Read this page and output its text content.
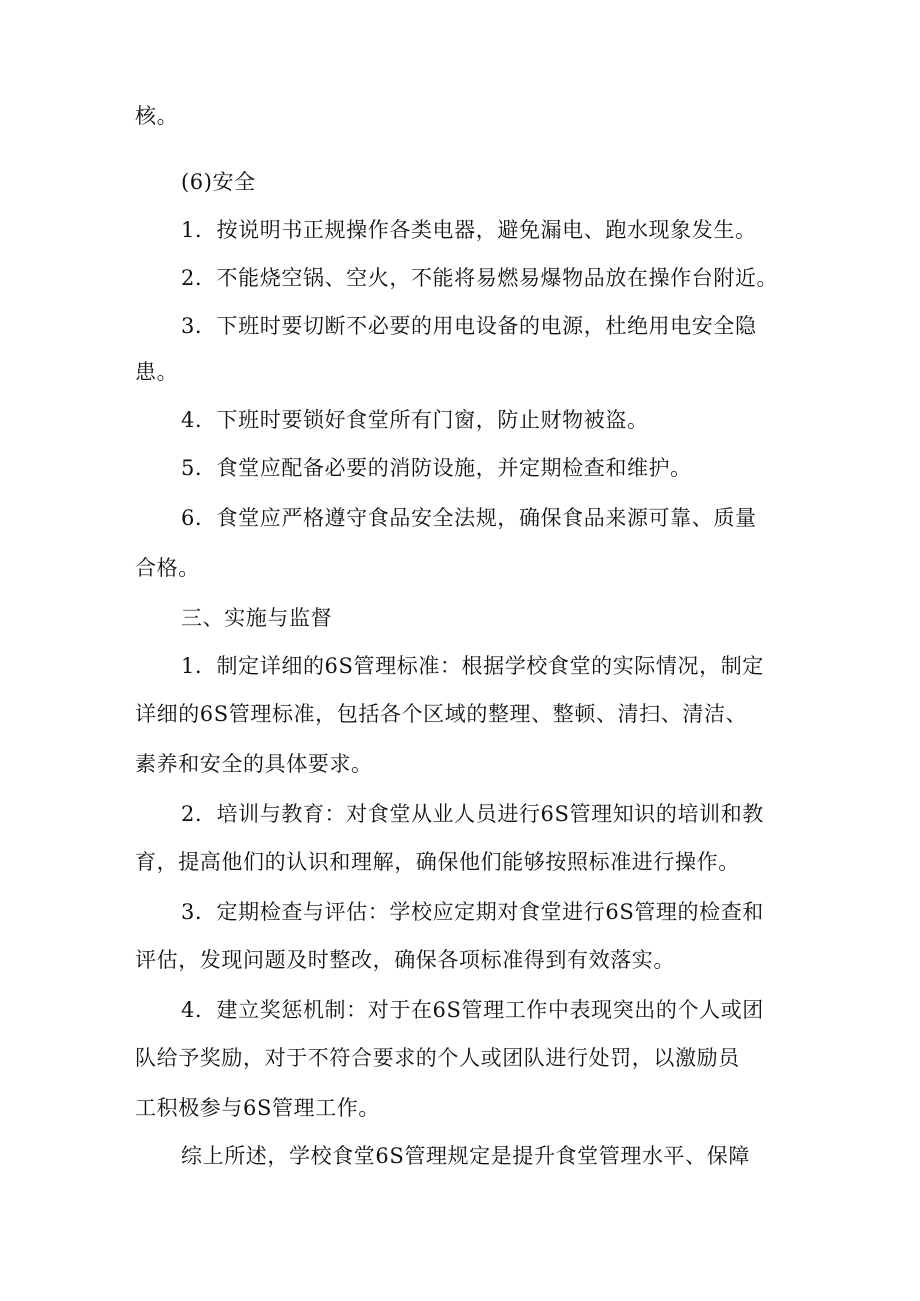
核。
(6)安全
1．按说明书正规操作各类电器，避免漏电、跑水现象发生。
2．不能烧空锅、空火，不能将易燃易爆物品放在操作台附近。
3．下班时要切断不必要的用电设备的电源，杜绝用电安全隐
患。
4．下班时要锁好食堂所有门窗，防止财物被盗。
5．食堂应配备必要的消防设施，并定期检查和维护。
6．食堂应严格遵守食品安全法规，确保食品来源可靠、质量
合格。
三、实施与监督
1．制定详细的6S管理标准：根据学校食堂的实际情况，制定
详细的6S管理标准，包括各个区域的整理、整顿、清扫、清洁、
素养和安全的具体要求。
2．培训与教育：对食堂从业人员进行6S管理知识的培训和教
育，提高他们的认识和理解，确保他们能够按照标准进行操作。
3．定期检查与评估：学校应定期对食堂进行6S管理的检查和
评估，发现问题及时整改，确保各项标准得到有效落实。
4．建立奖惩机制：对于在6S管理工作中表现突出的个人或团
队给予奖励，对于不符合要求的个人或团队进行处罚，以激励员
工积极参与6S管理工作。
综上所述，学校食堂6S管理规定是提升食堂管理水平、保障
